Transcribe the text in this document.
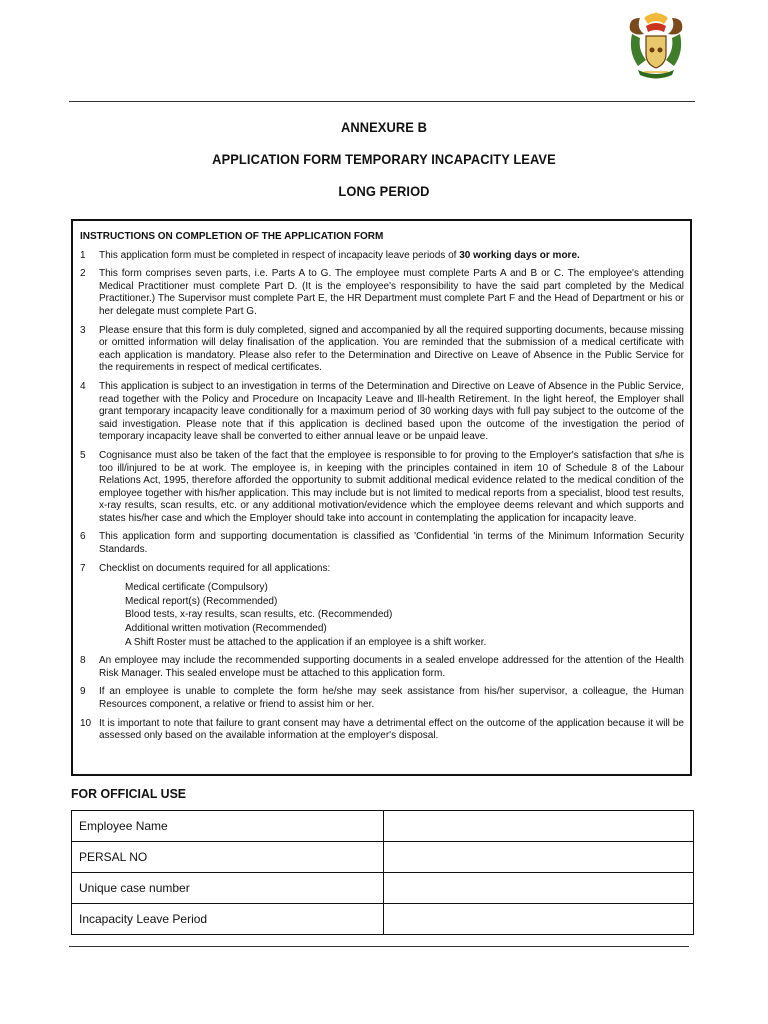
ANNEXURE B
APPLICATION FORM TEMPORARY INCAPACITY LEAVE
LONG PERIOD
INSTRUCTIONS ON COMPLETION OF THE APPLICATION FORM
1	This application form must be completed in respect of incapacity leave periods of 30 working days or more.
2	This form comprises seven parts, i.e. Parts A to G. The employee must complete Parts A and B or C. The employee's attending Medical Practitioner must complete Part D. (It is the employee's responsibility to have the said part completed by the Medical Practitioner.) The Supervisor must complete Part E, the HR Department must complete Part F and the Head of Department or his or her delegate must complete Part G.
3	Please ensure that this form is duly completed, signed and accompanied by all the required supporting documents, because missing or omitted information will delay finalisation of the application. You are reminded that the submission of a medical certificate with each application is mandatory. Please also refer to the Determination and Directive on Leave of Absence in the Public Service for the requirements in respect of medical certificates.
4	This application is subject to an investigation in terms of the Determination and Directive on Leave of Absence in the Public Service, read together with the Policy and Procedure on Incapacity Leave and Ill-health Retirement. In the light hereof, the Employer shall grant temporary incapacity leave conditionally for a maximum period of 30 working days with full pay subject to the outcome of the said investigation. Please note that if this application is declined based upon the outcome of the investigation the period of temporary incapacity leave shall be converted to either annual leave or be unpaid leave.
5	Cognisance must also be taken of the fact that the employee is responsible to for proving to the Employer's satisfaction that s/he is too ill/injured to be at work. The employee is, in keeping with the principles contained in item 10 of Schedule 8 of the Labour Relations Act, 1995, therefore afforded the opportunity to submit additional medical evidence related to the medical condition of the employee together with his/her application. This may include but is not limited to medical reports from a specialist, blood test results, x-ray results, scan results, etc. or any additional motivation/evidence which the employee deems relevant and which supports and states his/her case and which the Employer should take into account in contemplating the application for incapacity leave.
6	This application form and supporting documentation is classified as 'Confidential 'in terms of the Minimum Information Security Standards.
7	Checklist on documents required for all applications:
Medical certificate (Compulsory)
Medical report(s) (Recommended)
Blood tests, x-ray results, scan results, etc. (Recommended)
Additional written motivation (Recommended)
A Shift Roster must be attached to the application if an employee is a shift worker.
8	An employee may include the recommended supporting documents in a sealed envelope addressed for the attention of the Health Risk Manager. This sealed envelope must be attached to this application form.
9	If an employee is unable to complete the form he/she may seek assistance from his/her supervisor, a colleague, the Human Resources component, a relative or friend to assist him or her.
10 It is important to note that failure to grant consent may have a detrimental effect on the outcome of the application because it will be assessed only based on the available information at the employer's disposal.
FOR OFFICIAL USE
Employee Name	
PERSAL NO	
Unique case number	
Incapacity Leave Period	
